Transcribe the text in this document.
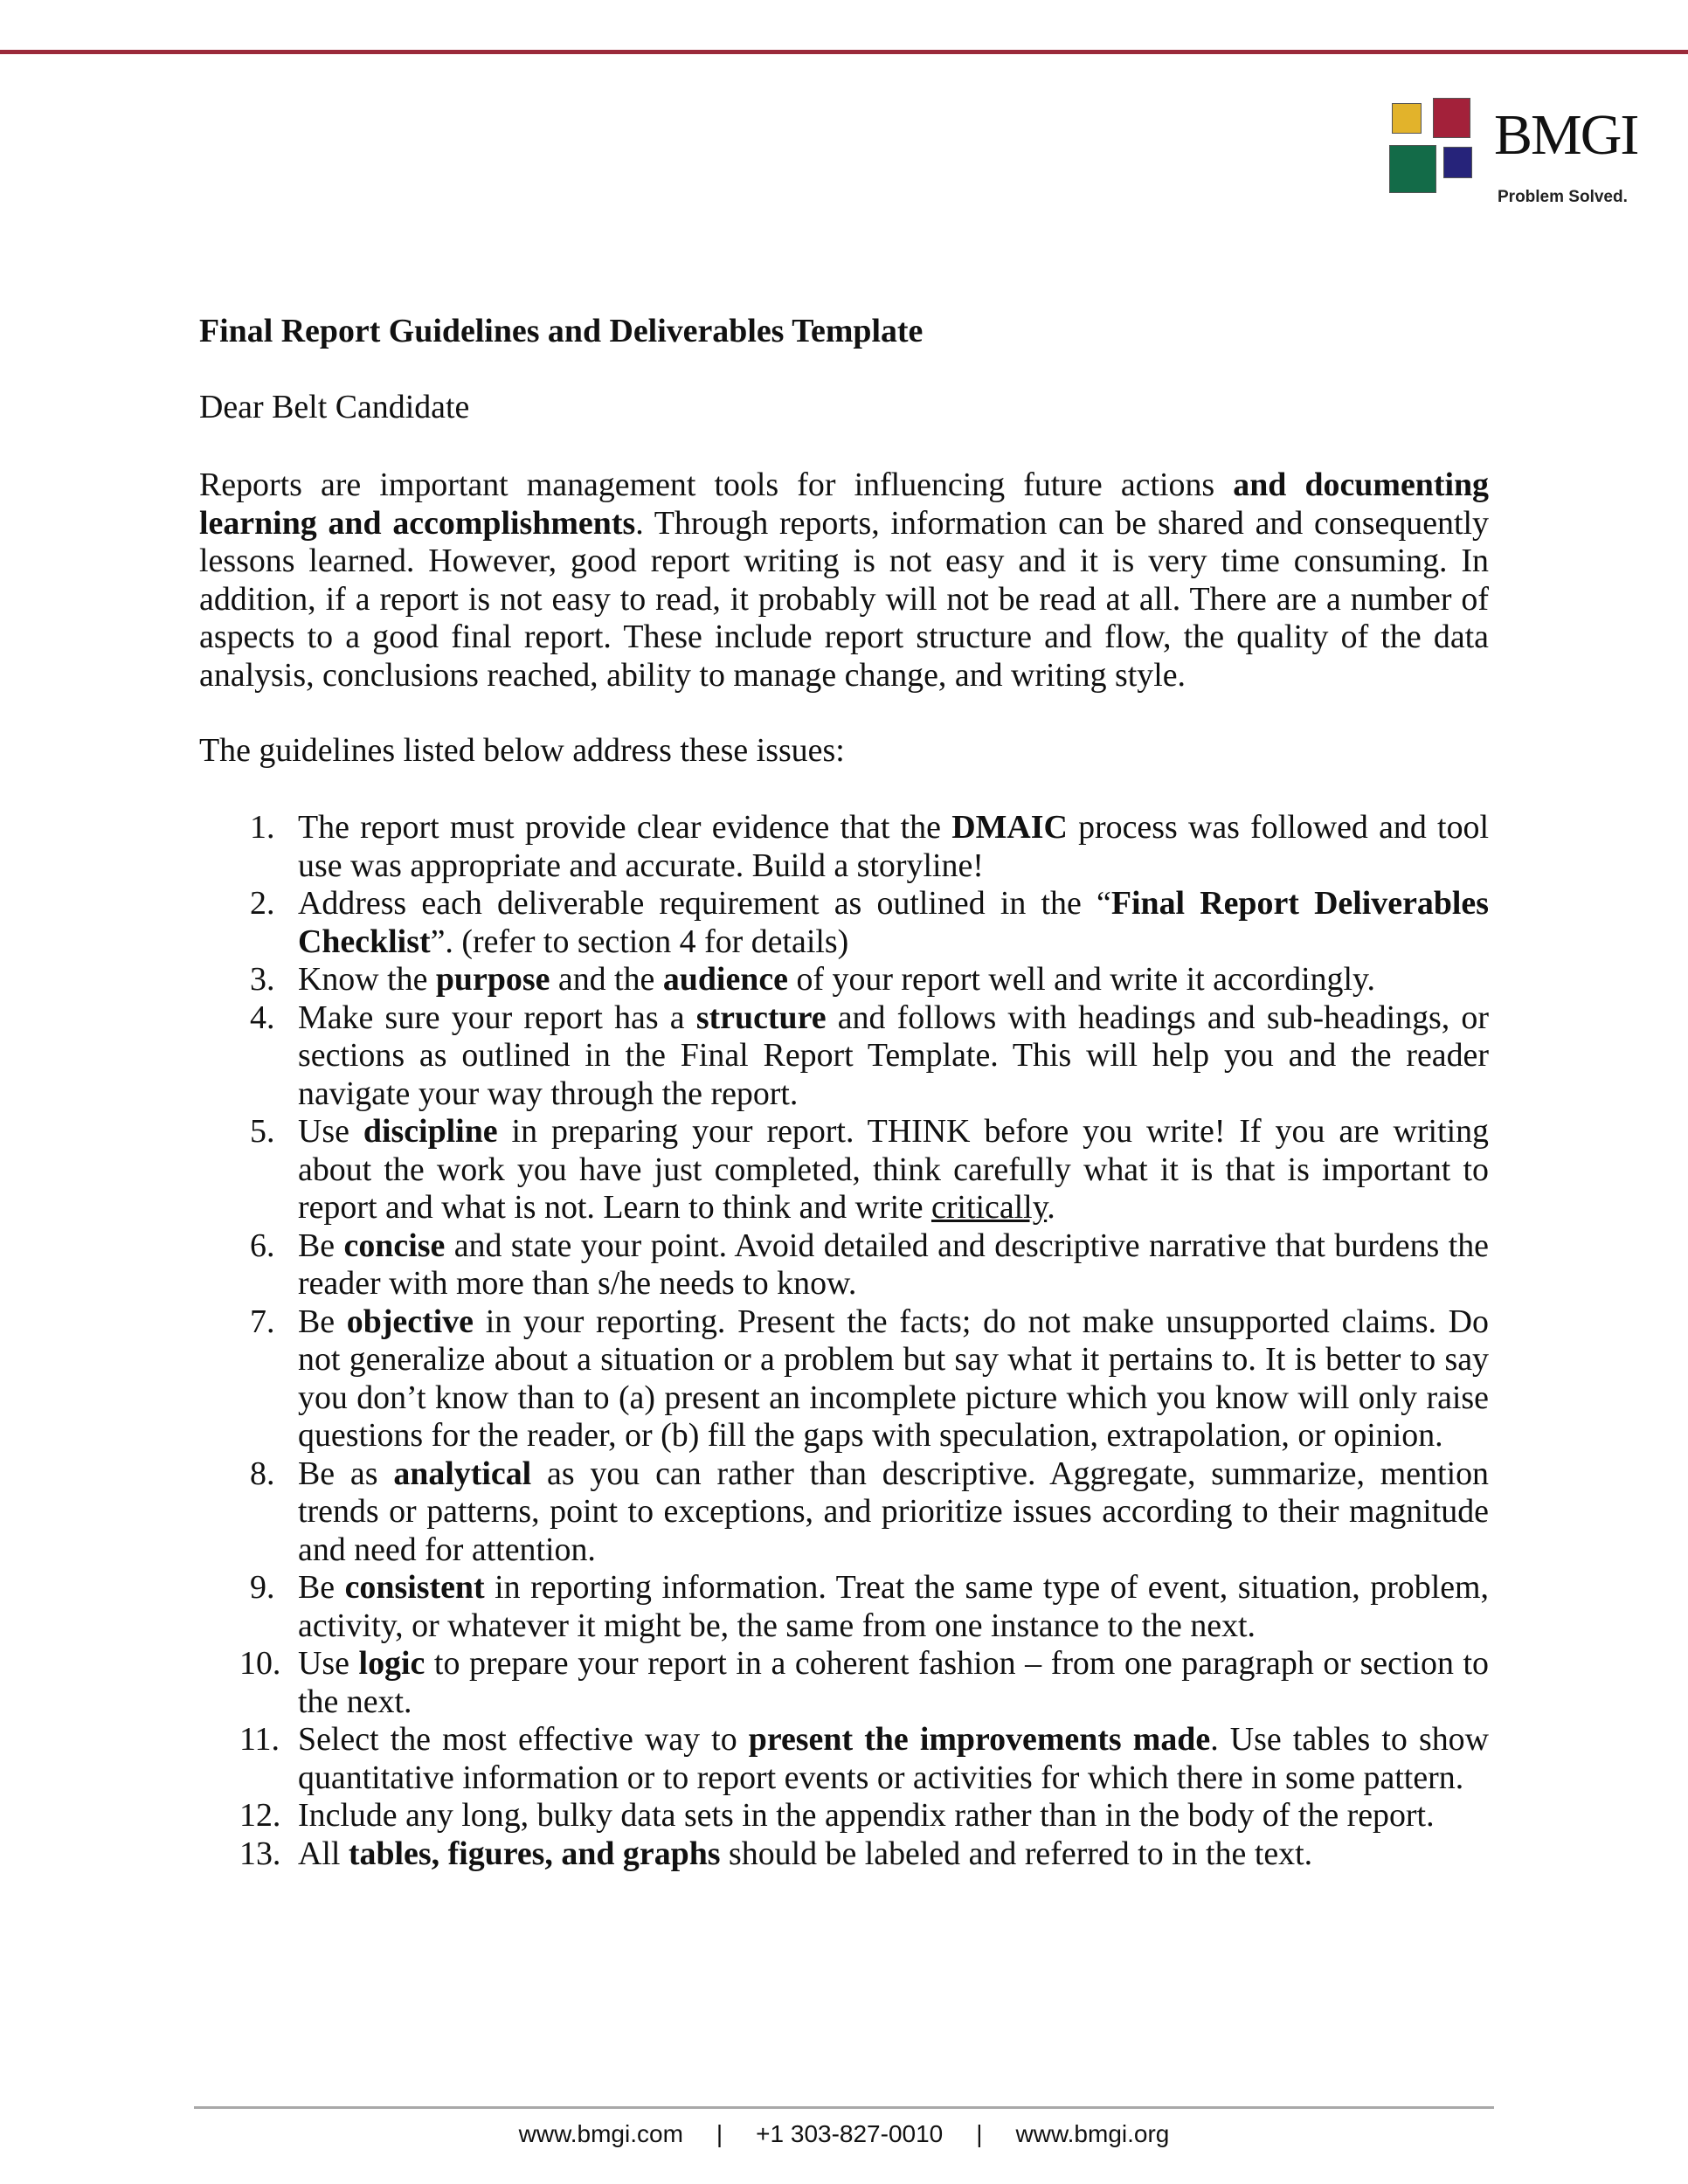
BMGI
Problem Solved.
Final Report Guidelines and Deliverables Template
Dear Belt Candidate
Reports are important management tools for influencing future actions and documenting learning and accomplishments. Through reports, information can be shared and consequently lessons learned. However, good report writing is not easy and it is very time consuming. In addition, if a report is not easy to read, it probably will not be read at all. There are a number of aspects to a good final report. These include report structure and flow, the quality of the data analysis, conclusions reached, ability to manage change, and writing style.
The guidelines listed below address these issues:
1. The report must provide clear evidence that the DMAIC process was followed and tool use was appropriate and accurate. Build a storyline!
2. Address each deliverable requirement as outlined in the “Final Report Deliverables Checklist”. (refer to section 4 for details)
3. Know the purpose and the audience of your report well and write it accordingly.
4. Make sure your report has a structure and follows with headings and sub-headings, or sections as outlined in the Final Report Template. This will help you and the reader navigate your way through the report.
5. Use discipline in preparing your report. THINK before you write! If you are writing about the work you have just completed, think carefully what it is that is important to report and what is not. Learn to think and write critically.
6. Be concise and state your point. Avoid detailed and descriptive narrative that burdens the reader with more than s/he needs to know.
7. Be objective in your reporting. Present the facts; do not make unsupported claims. Do not generalize about a situation or a problem but say what it pertains to. It is better to say you don’t know than to (a) present an incomplete picture which you know will only raise questions for the reader, or (b) fill the gaps with speculation, extrapolation, or opinion.
8. Be as analytical as you can rather than descriptive. Aggregate, summarize, mention trends or patterns, point to exceptions, and prioritize issues according to their magnitude and need for attention.
9. Be consistent in reporting information. Treat the same type of event, situation, problem, activity, or whatever it might be, the same from one instance to the next.
10. Use logic to prepare your report in a coherent fashion – from one paragraph or section to the next.
11. Select the most effective way to present the improvements made. Use tables to show quantitative information or to report events or activities for which there in some pattern.
12. Include any long, bulky data sets in the appendix rather than in the body of the report.
13. All tables, figures, and graphs should be labeled and referred to in the text.
www.bmgi.com | +1 303-827-0010 | www.bmgi.org
